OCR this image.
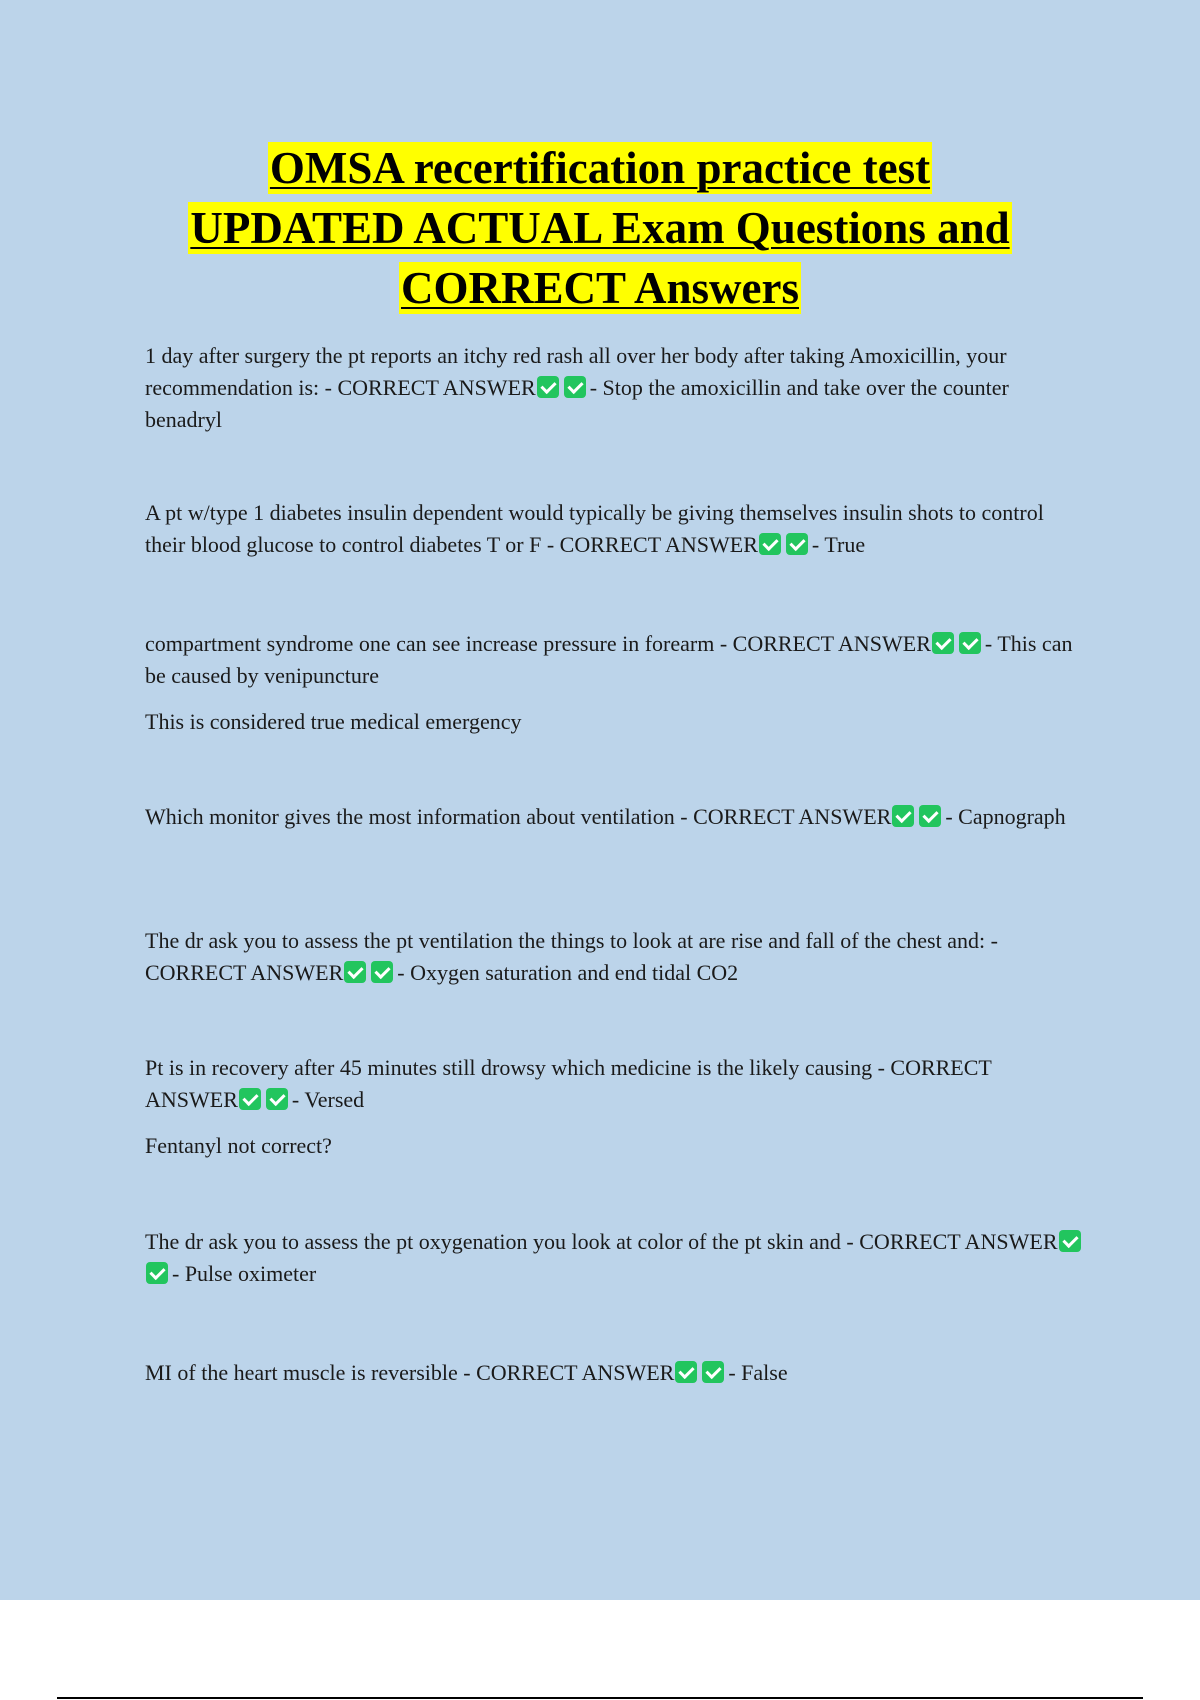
OMSA recertification practice test
UPDATED ACTUAL Exam Questions and
CORRECT Answers

1 day after surgery the pt reports an itchy red rash all over her body after taking Amoxicillin, your recommendation is: - CORRECT ANSWER - Stop the amoxicillin and take over the counter benadryl

A pt w/type 1 diabetes insulin dependent would typically be giving themselves insulin shots to control their blood glucose to control diabetes T or F - CORRECT ANSWER - True

compartment syndrome one can see increase pressure in forearm - CORRECT ANSWER - This can be caused by venipuncture

This is considered true medical emergency

Which monitor gives the most information about ventilation - CORRECT ANSWER - Capnograph

The dr ask you to assess the pt ventilation the things to look at are rise and fall of the chest and: - CORRECT ANSWER - Oxygen saturation and end tidal CO2

Pt is in recovery after 45 minutes still drowsy which medicine is the likely causing - CORRECT ANSWER - Versed

Fentanyl not correct?

The dr ask you to assess the pt oxygenation you look at color of the pt skin and - CORRECT ANSWER- Pulse oximeter

MI of the heart muscle is reversible - CORRECT ANSWER - False
